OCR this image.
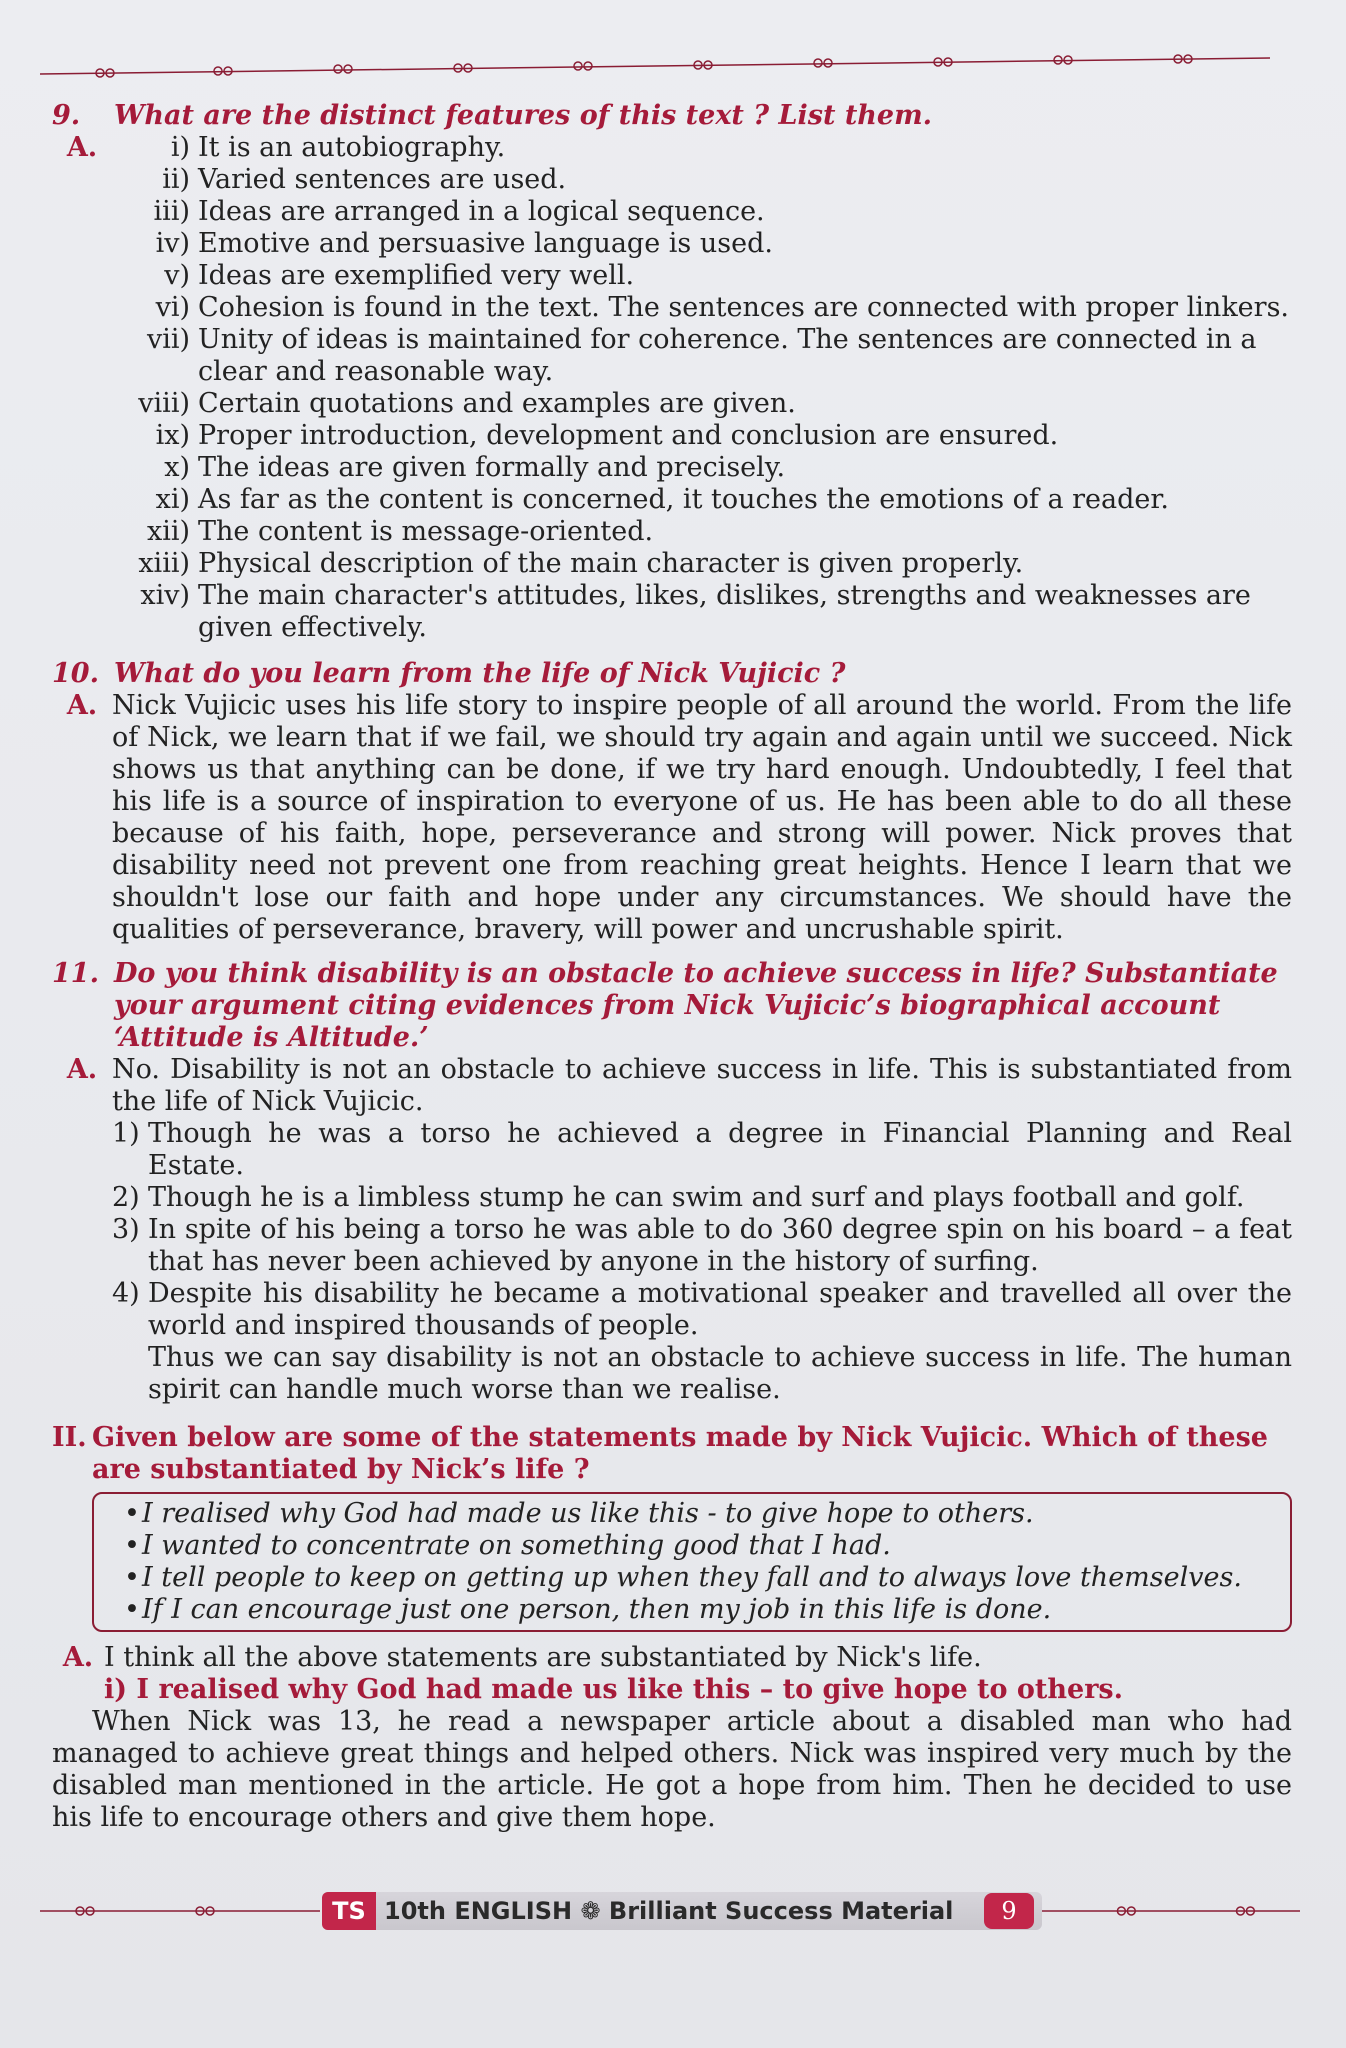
9.	What are the distinct features of this text ? List them.
A.	i) It is an autobiography.
ii) Varied sentences are used.
iii) Ideas are arranged in a logical sequence.
iv) Emotive and persuasive language is used.
v) Ideas are exemplified very well.
vi) Cohesion is found in the text. The sentences are connected with proper linkers.
vii) Unity of ideas is maintained for coherence. The sentences are connected in a clear and reasonable way.
viii) Certain quotations and examples are given.
ix) Proper introduction, development and conclusion are ensured.
x) The ideas are given formally and precisely.
xi) As far as the content is concerned, it touches the emotions of a reader.
xii) The content is message-oriented.
xiii) Physical description of the main character is given properly.
xiv) The main character's attitudes, likes, dislikes, strengths and weaknesses are given effectively.
10. What do you learn from the life of Nick Vujicic ?
A. Nick Vujicic uses his life story to inspire people of all around the world. From the life of Nick, we learn that if we fail, we should try again and again until we succeed. Nick shows us that anything can be done, if we try hard enough. Undoubtedly, I feel that his life is a source of inspiration to everyone of us. He has been able to do all these because of his faith, hope, perseverance and strong will power. Nick proves that disability need not prevent one from reaching great heights. Hence I learn that we shouldn't lose our faith and hope under any circumstances. We should have the qualities of perseverance, bravery, will power and uncrushable spirit.
11. Do you think disability is an obstacle to achieve success in life? Substantiate your argument citing evidences from Nick Vujicic’s biographical account ‘Attitude is Altitude.’
A. No. Disability is not an obstacle to achieve success in life. This is substantiated from the life of Nick Vujicic.
1) Though he was a torso he achieved a degree in Financial Planning and Real Estate.
2) Though he is a limbless stump he can swim and surf and plays football and golf.
3) In spite of his being a torso he was able to do 360 degree spin on his board – a feat that has never been achieved by anyone in the history of surfing.
4) Despite his disability he became a motivational speaker and travelled all over the world and inspired thousands of people.
Thus we can say disability is not an obstacle to achieve success in life. The human spirit can handle much worse than we realise.
II. Given below are some of the statements made by Nick Vujicic. Which of these are substantiated by Nick’s life ?
• I realised why God had made us like this - to give hope to others.
• I wanted to concentrate on something good that I had.
• I tell people to keep on getting up when they fall and to always love themselves.
• If I can encourage just one person, then my job in this life is done.
A. I think all the above statements are substantiated by Nick's life.
i) I realised why God had made us like this – to give hope to others.
When Nick was 13, he read a newspaper article about a disabled man who had managed to achieve great things and helped others. Nick was inspired very much by the disabled man mentioned in the article. He got a hope from him. Then he decided to use his life to encourage others and give them hope.
TS 10th ENGLISH ❁ Brilliant Success Material	9
